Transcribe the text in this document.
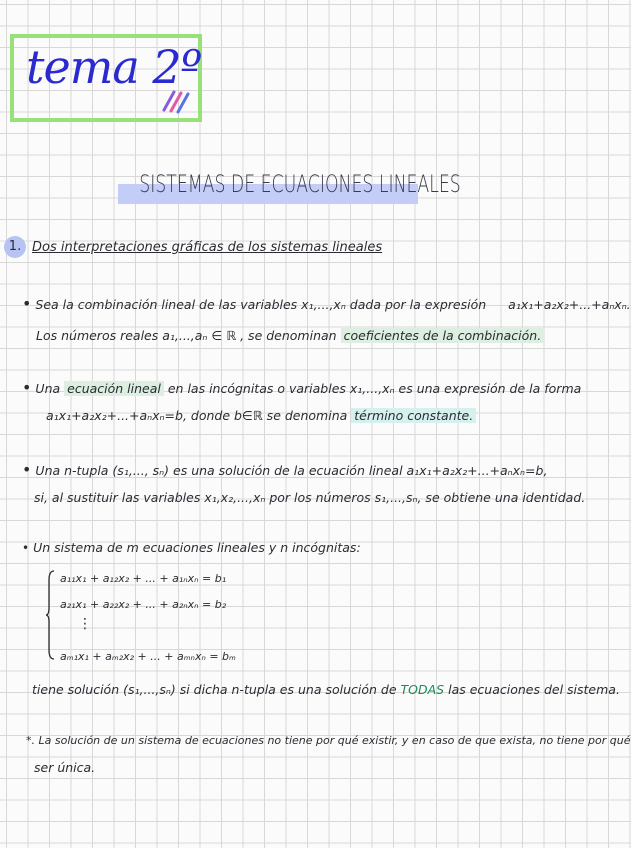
tema 2º
SISTEMAS DE ECUACIONES LINEALES
1. Dos interpretaciones gráficas de los sistemas lineales
• Sea la combinación lineal de las variables x₁,...,xₙ dada por la expresión a₁x₁+a₂x₂+...+aₙxₙ.
Los números reales a₁,...,aₙ ∈ ℝ , se denominan coeficientes de la combinación.
• Una ecuación lineal en las incógnitas o variables x₁,...,xₙ es una expresión de la forma
a₁x₁+a₂x₂+...+aₙxₙ=b, donde b∈ℝ se denomina término constante.
• Una n-tupla (s₁,..., sₙ) es una solución de la ecuación lineal a₁x₁+a₂x₂+...+aₙxₙ=b,
si, al sustituir las variables x₁,x₂,...,xₙ por los números s₁,...,sₙ, se obtiene una identidad.
• Un sistema de m ecuaciones lineales y n incógnitas:
a₁₁x₁ + a₁₂x₂ + ... + a₁ₙxₙ = b₁
a₂₁x₁ + a₂₂x₂ + ... + a₂ₙxₙ = b₂
⋮
aₘ₁x₁ + aₘ₂x₂ + ... + aₘₙxₙ = bₘ
tiene solución (s₁,...,sₙ) si dicha n-tupla es una solución de TODAS las ecuaciones del sistema.
*. La solución de un sistema de ecuaciones no tiene por qué existir, y en caso de que exista, no tiene por qué
ser única.
